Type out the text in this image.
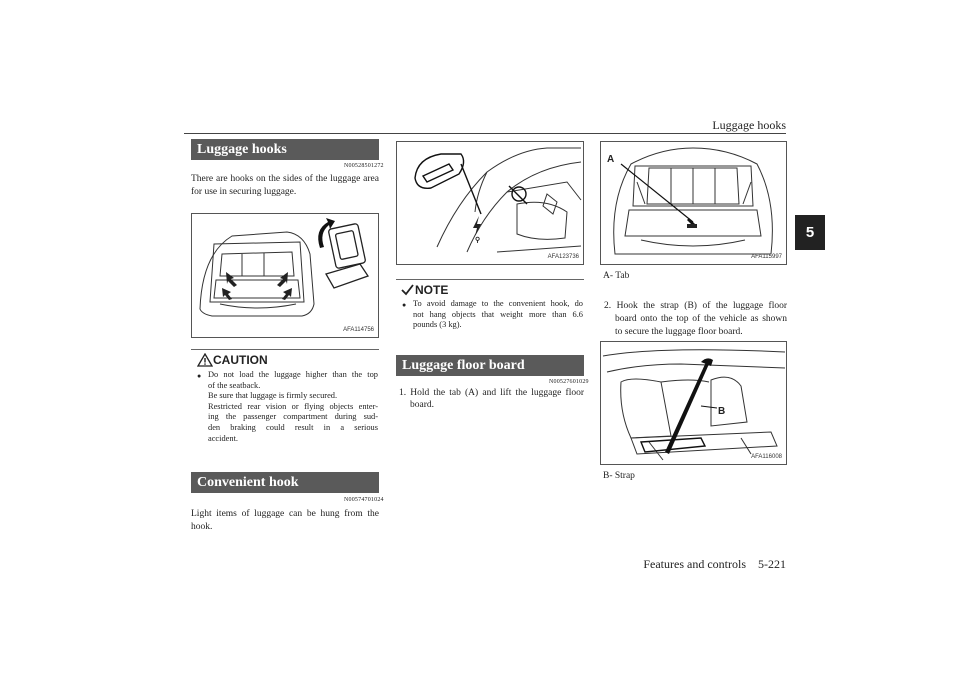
Luggage hooks
5
Luggage hooks
N00528501272
There are hooks on the sides of the luggage area for use in securing luggage.
AFA114756
CAUTION
● Do not load the luggage higher than the top
of the seatback.
Be sure that luggage is firmly secured.
Restricted rear vision or flying objects enter-
ing the passenger compartment during sud-
den braking could result in a serious
accident.
Convenient hook
N00574701024
Light items of luggage can be hung from the hook.
⚲
AFA123736
NOTE
● To avoid damage to the convenient hook, do
not hang objects that weight more than 6.6
pounds (3 kg).
Luggage floor board
N00527601029
1. Hold the tab (A) and lift the luggage floor
board.
A
AFA115997
A- Tab
2. Hook the strap (B) of the luggage floor
board onto the top of the vehicle as shown
to secure the luggage floor board.
B
AFA116008
B- Strap
Features and controls    5-221
